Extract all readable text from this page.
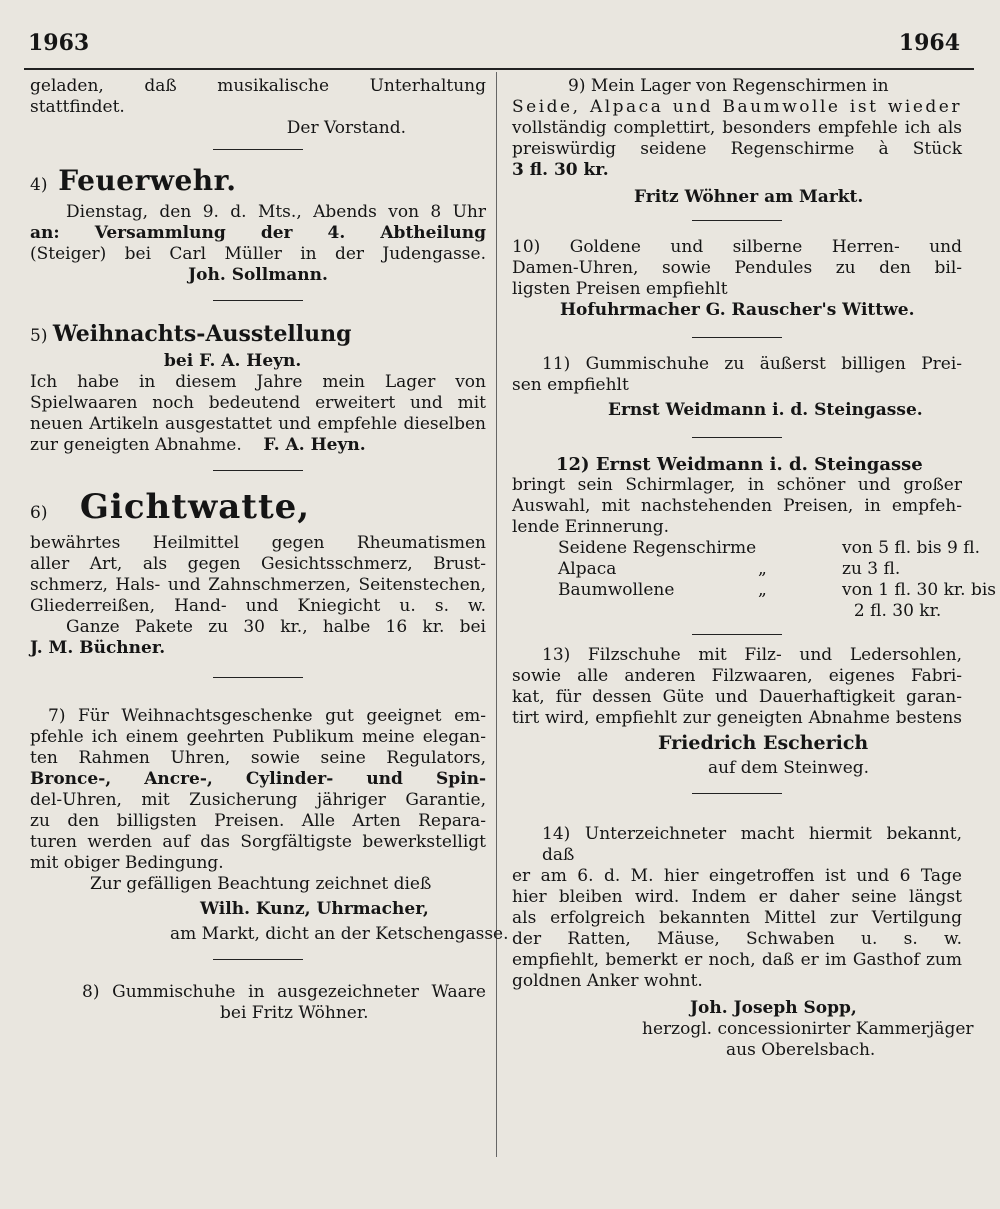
1963	1964

geladen, daß musikalische Unterhaltung

stattfindet.

Der Vorstand.

4) Feuerwehr.

Dienstag, den 9. d. Mts., Abends von 8 Uhr

an: Versammlung der 4. Abtheilung

(Steiger) bei Carl Müller in der Judengasse.

Joh. Sollmann.

5) Weihnachts-Ausstellung

bei F. A. Heyn.

Ich habe in diesem Jahre mein Lager von

Spielwaaren noch bedeutend erweitert und mit

neuen Artikeln ausgestattet und empfehle dieselben

zur geneigten Abnahme. F. A. Heyn.

6) Gichtwatte,

bewährtes Heilmittel gegen Rheumatismen

aller Art, als gegen Gesichtsschmerz, Brust-

schmerz, Hals- und Zahnschmerzen, Seitenstechen,

Gliederreißen, Hand- und Kniegicht u. s. w.

Ganze Pakete zu 30 kr., halbe 16 kr. bei

J. M. Büchner.

7) Für Weihnachtsgeschenke gut geeignet em-

pfehle ich einem geehrten Publikum meine elegan-

ten Rahmen Uhren, sowie seine Regulators,

Bronce-, Ancre-, Cylinder- und Spin-

del-Uhren, mit Zusicherung jähriger Garantie,

zu den billigsten Preisen. Alle Arten Repara-

turen werden auf das Sorgfältigste bewerkstelligt

mit obiger Bedingung.

Zur gefälligen Beachtung zeichnet dieß

Wilh. Kunz, Uhrmacher,

am Markt, dicht an der Ketschengasse.

8) Gummischuhe in ausgezeichneter Waare

bei Fritz Wöhner.

9) Mein Lager von Regenschirmen in

Seide, Alpaca und Baumwolle ist wieder

vollständig complettirt, besonders empfehle ich als

preiswürdig seidene Regenschirme à Stück

3 fl. 30 kr.

Fritz Wöhner am Markt.

10) Goldene und silberne Herren- und

Damen-Uhren, sowie Pendules zu den bil-

ligsten Preisen empfiehlt

Hofuhrmacher G. Rauscher's Wittwe.

11) Gummischuhe zu äußerst billigen Prei-

sen empfiehlt

Ernst Weidmann i. d. Steingasse.

12) Ernst Weidmann i. d. Steingasse

bringt sein Schirmlager, in schöner und großer

Auswahl, mit nachstehenden Preisen, in empfeh-

lende Erinnerung.

Seidene Regenschirme	von 5 fl. bis 9 fl.
Alpaca	„	zu 3 fl.
Baumwollene	„	von 1 fl. 30 kr. bis
2 fl. 30 kr.

13) Filzschuhe mit Filz- und Ledersohlen,

sowie alle anderen Filzwaaren, eigenes Fabri-

kat, für dessen Güte und Dauerhaftigkeit garan-

tirt wird, empfiehlt zur geneigten Abnahme bestens

Friedrich Escherich

auf dem Steinweg.

14) Unterzeichneter macht hiermit bekannt, daß

er am 6. d. M. hier eingetroffen ist und 6 Tage

hier bleiben wird. Indem er daher seine längst

als erfolgreich bekannten Mittel zur Vertilgung

der Ratten, Mäuse, Schwaben u. s. w.

empfiehlt, bemerkt er noch, daß er im Gasthof zum

goldnen Anker wohnt.

Joh. Joseph Sopp,

herzogl. concessionirter Kammerjäger

aus Oberelsbach.
